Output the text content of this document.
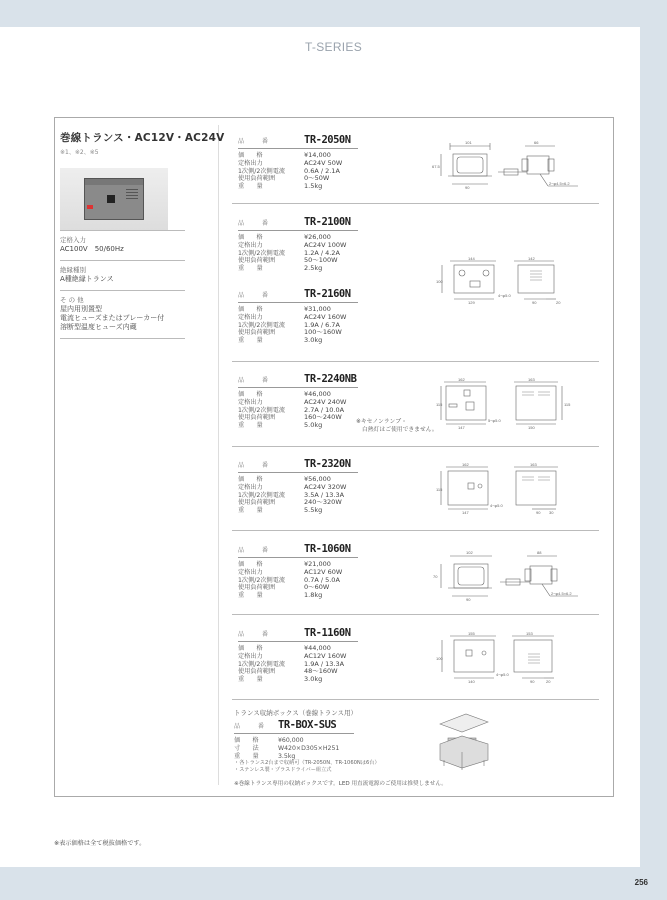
T-SERIES
巻線トランス・AC12V・AC24V
※1、※2、※5
定格入力
AC100V　50/60Hz
絶縁種別
A種絶縁トランス
そ の 他
屋内用別置型
電流ヒューズまたはブレーカー付
溶断型温度ヒューズ内蔵
品　番	TR-2050N
価　　格	¥14,000
定格出力	AC24V 50W
1次側/2次側電流	0.6A / 2.1A
使用負荷範囲	0〜50W
重　　量	1.5kg
品　番	TR-2100N
価　　格	¥26,000
定格出力	AC24V 100W
1次側/2次側電流	1.2A / 4.2A
使用負荷範囲	50〜100W
重　　量	2.5kg
品　番	TR-2160N
価　　格	¥31,000
定格出力	AC24V 160W
1次側/2次側電流	1.9A / 6.7A
使用負荷範囲	100〜160W
重　　量	3.0kg
品　番	TR-2240NB
価　　格	¥46,000
定格出力	AC24V 240W
1次側/2次側電流	2.7A / 10.0A
使用負荷範囲	160〜240W
重　　量	5.0kg	※キセノンランプ・
白熱灯はご使用できません。
品　番	TR-2320N
価　　格	¥56,000
定格出力	AC24V 320W
1次側/2次側電流	3.5A / 13.3A
使用負荷範囲	240〜320W
重　　量	5.5kg
品　番	TR-1060N
価　　格	¥21,000
定格出力	AC12V 60W
1次側/2次側電流	0.7A / 5.0A
使用負荷範囲	0〜60W
重　　量	1.8kg
品　番	TR-1160N
価　　格	¥44,000
定格出力	AC12V 160W
1次側/2次側電流	1.9A / 13.3A
使用負荷範囲	48〜160W
重　　量	3.0kg
101
90
67.5
66
2−φ4.5×6.2
144
129
100
142
90	20
4−φ5.0
162
147
115
163
150
115
5−φ5.0
162
147
115
163
90 30
4−φ5.0
102
90
70
88
2−φ4.5×6.2
155
140
100
153
90	20
4−φ5.0
トランス収納ボックス（巻線トランス用）
品　番 TR-BOX-SUS
価　　格	¥60,000
寸　　法	W420×D305×H251
重　　量	3.5kg
・各トランス2台まで収納可（TR-2050N、TR-1060Nは6台）
・ステンレス製・プラスドライバー組立式
※巻線トランス専用の収納ボックスです。LED 用直流電源のご使用は推奨しません。
※表示価格は全て税抜価格です。
256
